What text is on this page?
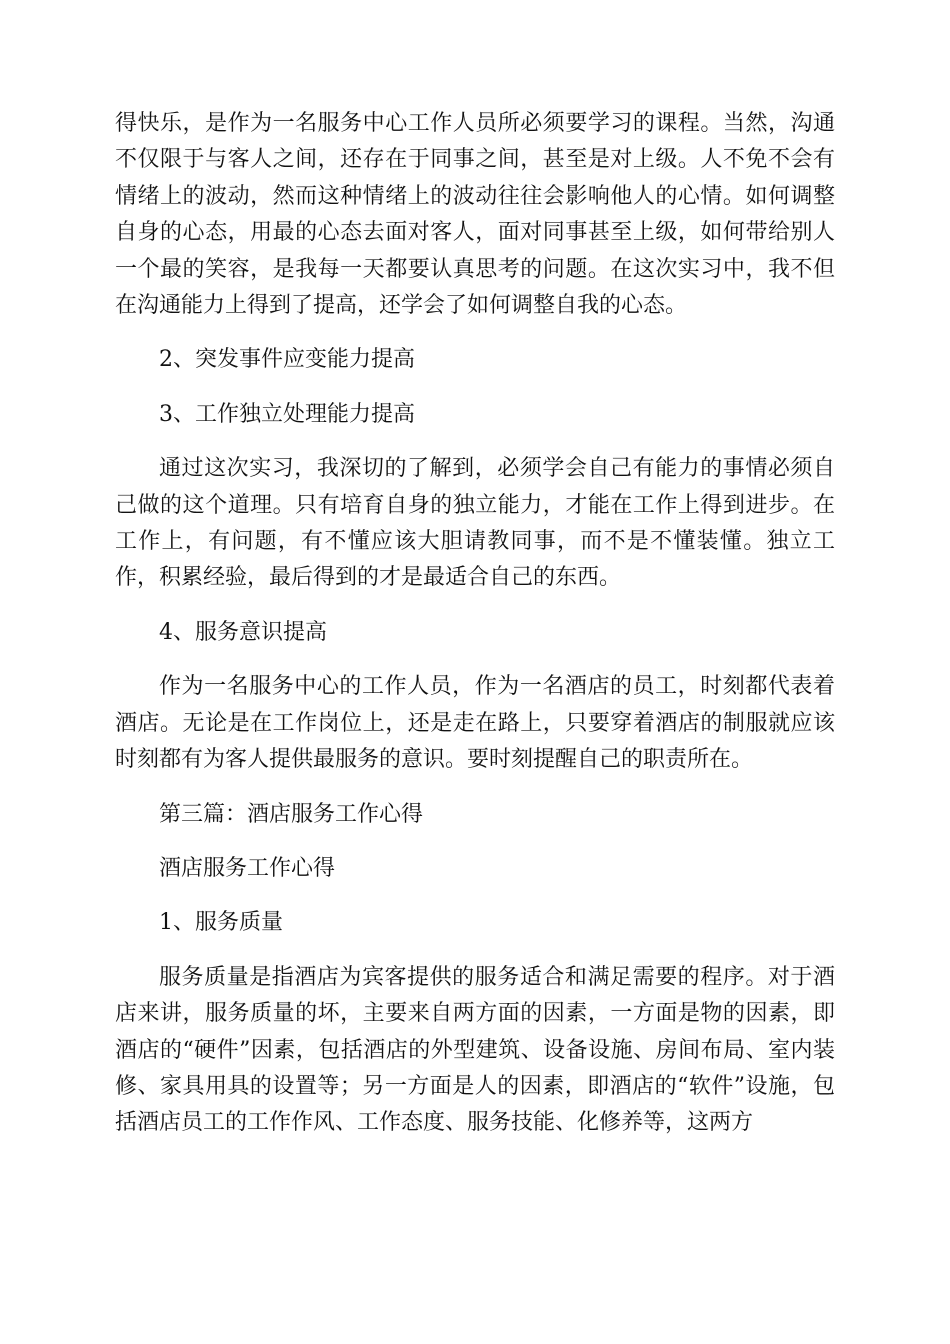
得快乐，是作为一名服务中心工作人员所必须要学习的课程。当然，沟通不仅限于与客人之间，还存在于同事之间，甚至是对上级。人不免不会有情绪上的波动，然而这种情绪上的波动往往会影响他人的心情。如何调整自身的心态，用最的心态去面对客人，面对同事甚至上级，如何带给别人一个最的笑容，是我每一天都要认真思考的问题。在这次实习中，我不但在沟通能力上得到了提高，还学会了如何调整自我的心态。

2、突发事件应变能力提高

3、工作独立处理能力提高

通过这次实习，我深切的了解到，必须学会自己有能力的事情必须自己做的这个道理。只有培育自身的独立能力，才能在工作上得到进步。在工作上，有问题，有不懂应该大胆请教同事，而不是不懂装懂。独立工作，积累经验，最后得到的才是最适合自己的东西。

4、服务意识提高

作为一名服务中心的工作人员，作为一名酒店的员工，时刻都代表着酒店。无论是在工作岗位上，还是走在路上，只要穿着酒店的制服就应该时刻都有为客人提供最服务的意识。要时刻提醒自己的职责所在。

第三篇：酒店服务工作心得

酒店服务工作心得

1、服务质量

服务质量是指酒店为宾客提供的服务适合和满足需要的程序。对于酒店来讲，服务质量的坏，主要来自两方面的因素，一方面是物的因素，即酒店的“硬件”因素，包括酒店的外型建筑、设备设施、房间布局、室内装修、家具用具的设置等；另一方面是人的因素，即酒店的“软件”设施，包括酒店员工的工作作风、工作态度、服务技能、化修养等，这两方
